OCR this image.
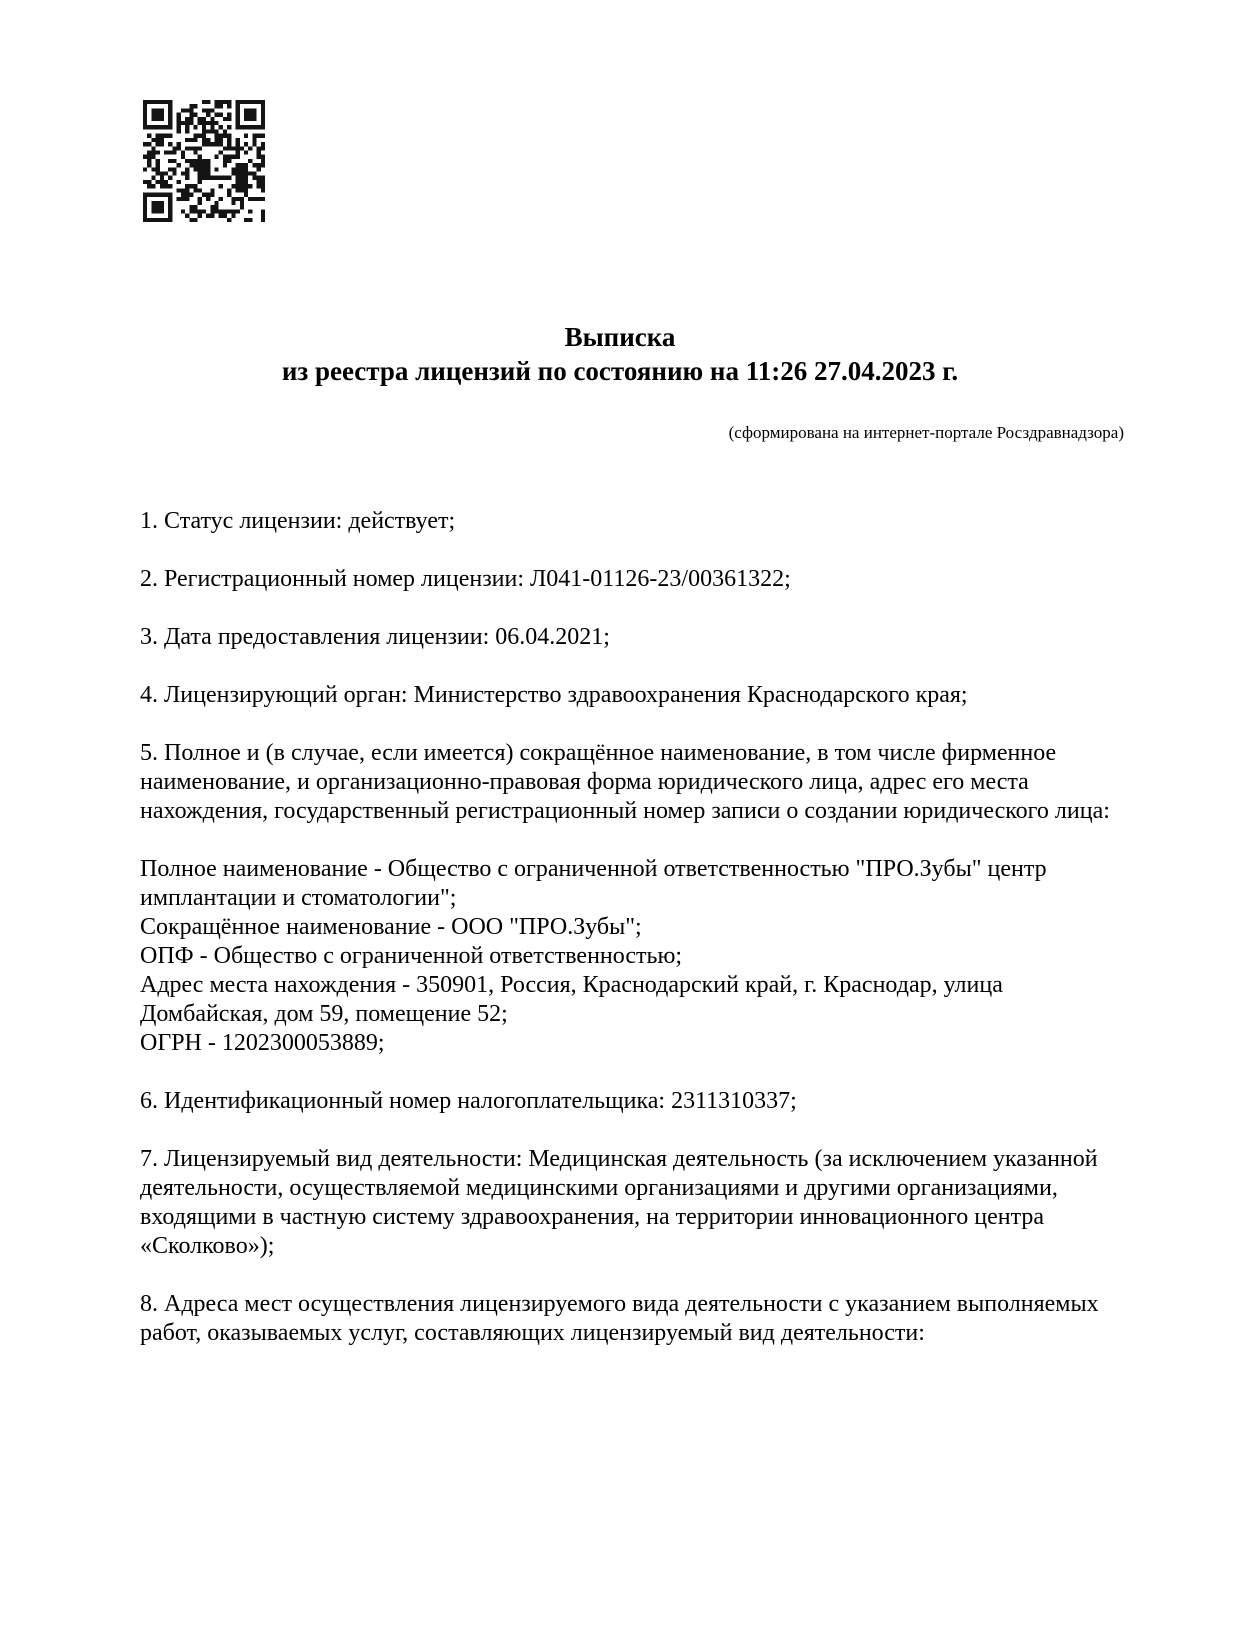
Выписка
из реестра лицензий по состоянию на 11:26 27.04.2023 г.
(сформирована на интернет-портале Росздравнадзора)

1. Статус лицензии: действует;

2. Регистрационный номер лицензии: Л041-01126-23/00361322;

3. Дата предоставления лицензии: 06.04.2021;

4. Лицензирующий орган: Министерство здравоохранения Краснодарского края;

5. Полное и (в случае, если имеется) сокращённое наименование, в том числе фирменное наименование, и организационно-правовая форма юридического лица, адрес его места нахождения, государственный регистрационный номер записи о создании юридического лица:

Полное наименование - Общество с ограниченной ответственностью "ПРО.Зубы" центр имплантации и стоматологии";
Сокращённое наименование - ООО "ПРО.Зубы";
ОПФ - Общество с ограниченной ответственностью;
Адрес места нахождения - 350901, Россия, Краснодарский край, г. Краснодар, улица Домбайская, дом 59, помещение 52;
ОГРН - 1202300053889;

6. Идентификационный номер налогоплательщика: 2311310337;

7. Лицензируемый вид деятельности: Медицинская деятельность (за исключением указанной деятельности, осуществляемой медицинскими организациями и другими организациями, входящими в частную систему здравоохранения, на территории инновационного центра «Сколково»);

8. Адреса мест осуществления лицензируемого вида деятельности с указанием выполняемых работ, оказываемых услуг, составляющих лицензируемый вид деятельности:
